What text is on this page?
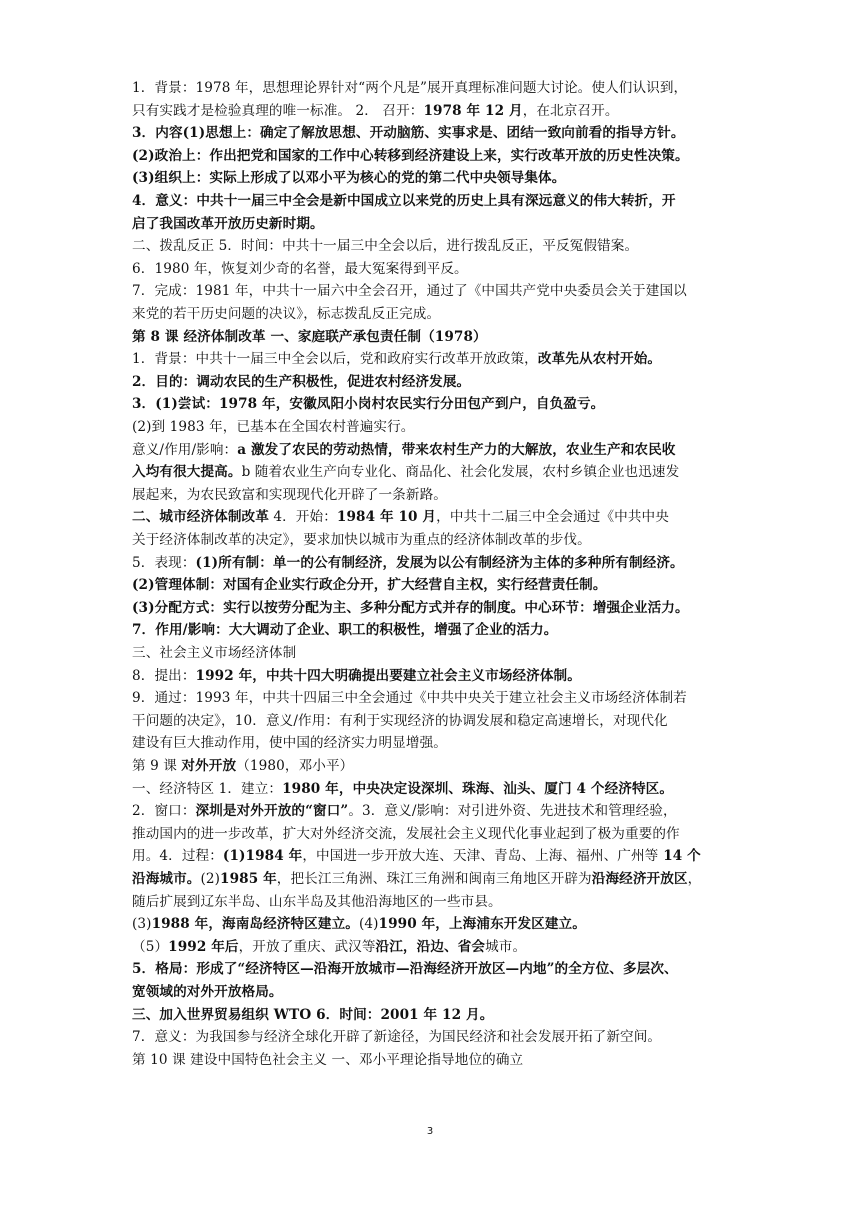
1．背景：1978 年，思想理论界针对“两个凡是”展开真理标准问题大讨论。使人们认识到，
只有实践才是检验真理的唯一标准。 2． 召开：1978 年 12 月，在北京召开。
3．内容(1)思想上：确定了解放思想、开动脑筋、实事求是、团结一致向前看的指导方针。
(2)政治上：作出把党和国家的工作中心转移到经济建设上来，实行改革开放的历史性决策。
(3)组织上：实际上形成了以邓小平为核心的党的第二代中央领导集体。
4．意义：中共十一届三中全会是新中国成立以来党的历史上具有深远意义的伟大转折，开
启了我国改革开放历史新时期。
二、拨乱反正 5．时间：中共十一届三中全会以后，进行拨乱反正，平反冤假错案。
6．1980 年，恢复刘少奇的名誉，最大冤案得到平反。
7．完成：1981 年，中共十一届六中全会召开，通过了《中国共产党中央委员会关于建国以
来党的若干历史问题的决议》，标志拨乱反正完成。
第 8 课 经济体制改革 一、家庭联产承包责任制（1978）
1．背景：中共十一届三中全会以后，党和政府实行改革开放政策，改革先从农村开始。
2．目的：调动农民的生产积极性，促进农村经济发展。
3．(1)尝试：1978 年，安徽凤阳小岗村农民实行分田包产到户，自负盈亏。
(2)到 1983 年，已基本在全国农村普遍实行。
意义/作用/影响：a 激发了农民的劳动热情，带来农村生产力的大解放，农业生产和农民收
入均有很大提高。b 随着农业生产向专业化、商品化、社会化发展，农村乡镇企业也迅速发
展起来，为农民致富和实现现代化开辟了一条新路。
二、城市经济体制改革 4．开始：1984 年 10 月，中共十二届三中全会通过《中共中央
关于经济体制改革的决定》，要求加快以城市为重点的经济体制改革的步伐。
5．表现：(1)所有制：单一的公有制经济，发展为以公有制经济为主体的多种所有制经济。
(2)管理体制：对国有企业实行政企分开，扩大经营自主权，实行经营责任制。
(3)分配方式：实行以按劳分配为主、多种分配方式并存的制度。中心环节：增强企业活力。
7．作用/影响：大大调动了企业、职工的积极性，增强了企业的活力。
三、社会主义市场经济体制
8．提出：1992 年，中共十四大明确提出要建立社会主义市场经济体制。
9．通过：1993 年，中共十四届三中全会通过《中共中央关于建立社会主义市场经济体制若
干问题的决定》，10．意义/作用：有利于实现经济的协调发展和稳定高速增长，对现代化
建设有巨大推动作用，使中国的经济实力明显增强。
第 9 课 对外开放（1980，邓小平）
一、经济特区 1．建立：1980 年，中央决定设深圳、珠海、汕头、厦门 4 个经济特区。
2．窗口：深圳是对外开放的“窗口”。3．意义/影响：对引进外资、先进技术和管理经验，
推动国内的进一步改革，扩大对外经济交流，发展社会主义现代化事业起到了极为重要的作
用。4．过程：(1)1984 年，中国进一步开放大连、天津、青岛、上海、福州、广州等 14 个
沿海城市。(2)1985 年，把长江三角洲、珠江三角洲和闽南三角地区开辟为沿海经济开放区，
随后扩展到辽东半岛、山东半岛及其他沿海地区的一些市县。
(3)1988 年，海南岛经济特区建立。(4)1990 年，上海浦东开发区建立。
（5）1992 年后，开放了重庆、武汉等沿江，沿边、省会城市。
5．格局：形成了“经济特区—沿海开放城市—沿海经济开放区—内地”的全方位、多层次、
宽领域的对外开放格局。
三、加入世界贸易组织 WTO 6．时间：2001 年 12 月。
7．意义：为我国参与经济全球化开辟了新途径，为国民经济和社会发展开拓了新空间。
第 10 课 建设中国特色社会主义 一、邓小平理论指导地位的确立
3
